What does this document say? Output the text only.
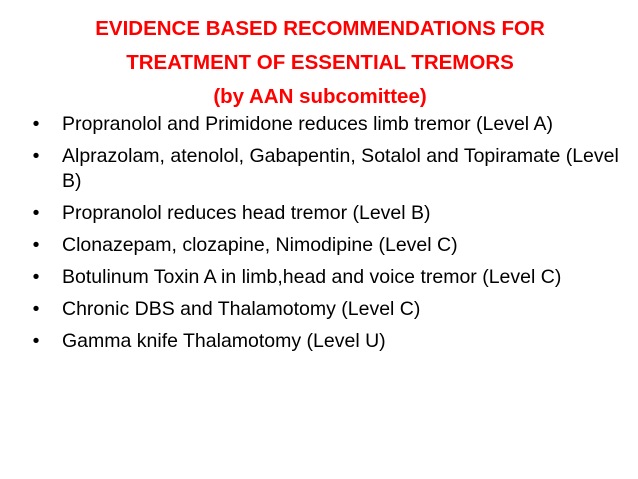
EVIDENCE BASED RECOMMENDATIONS FOR
TREATMENT OF ESSENTIAL TREMORS
(by AAN subcomittee)
• Propranolol and Primidone reduces limb tremor (Level A)
• Alprazolam, atenolol, Gabapentin, Sotalol and Topiramate (Level B)
• Propranolol reduces head tremor (Level B)
• Clonazepam, clozapine, Nimodipine (Level C)
• Botulinum Toxin A in limb,head and voice tremor (Level C)
• Chronic DBS and Thalamotomy (Level C)
• Gamma knife Thalamotomy (Level U)
